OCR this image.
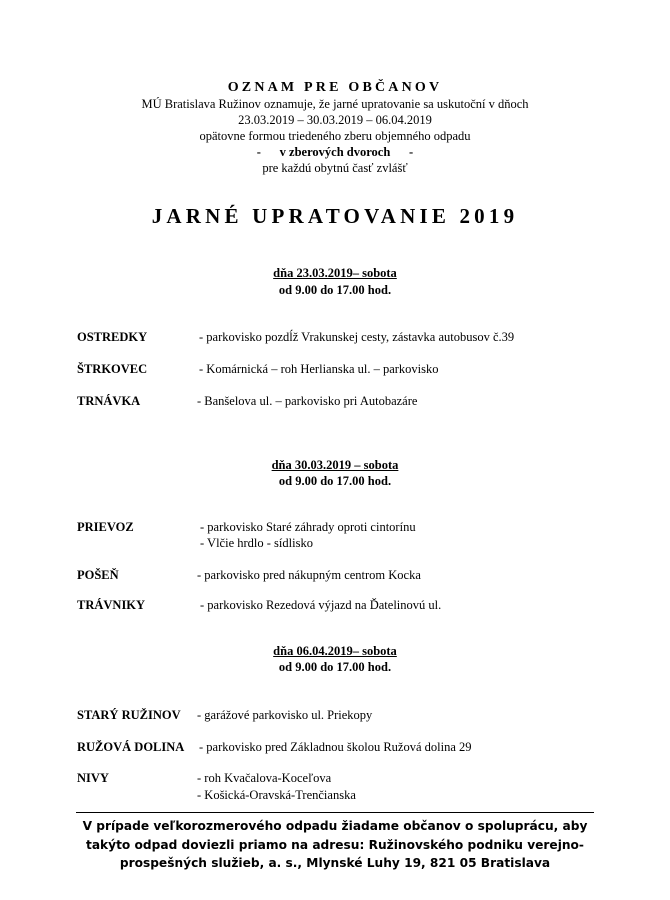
OZNAM PRE OBČANOV
MÚ Bratislava Ružinov oznamuje, že jarné upratovanie sa uskutoční v dňoch
23.03.2019 – 30.03.2019 – 06.04.2019
opätovne formou triedeného zberu objemného odpadu
-      v zberových dvoroch      -
pre každú obytnú časť zvlášť
JARNÉ UPRATOVANIE 2019
dňa 23.03.2019– sobota
od 9.00 do 17.00 hod.
OSTREDKY	- parkovisko pozdĺž Vrakunskej cesty, zástavka autobusov č.39
ŠTRKOVEC	- Komárnická – roh Herlianska ul. – parkovisko
TRNÁVKA	- Banšelova ul. – parkovisko pri Autobazáre
dňa 30.03.2019 – sobota
od 9.00 do 17.00 hod.
PRIEVOZ	- parkovisko Staré záhrady oproti cintorínu
- Vlčie hrdlo - sídlisko
POŠEŇ	- parkovisko pred nákupným centrom Kocka
TRÁVNIKY	- parkovisko Rezedová výjazd na Ďatelinovú ul.
dňa 06.04.2019– sobota
od 9.00 do 17.00 hod.
STARÝ RUŽINOV - garážové parkovisko ul. Priekopy
RUŽOVÁ DOLINA - parkovisko pred Základnou školou Ružová dolina 29
NIVY	- roh Kvačalova-Koceľova
- Košická-Oravská-Trenčianska
V prípade veľkorozmerového odpadu žiadame občanov o spoluprácu, aby
takýto odpad doviezli priamo na adresu: Ružinovského podniku verejno-
prospešných služieb, a. s., Mlynské Luhy 19, 821 05 Bratislava
